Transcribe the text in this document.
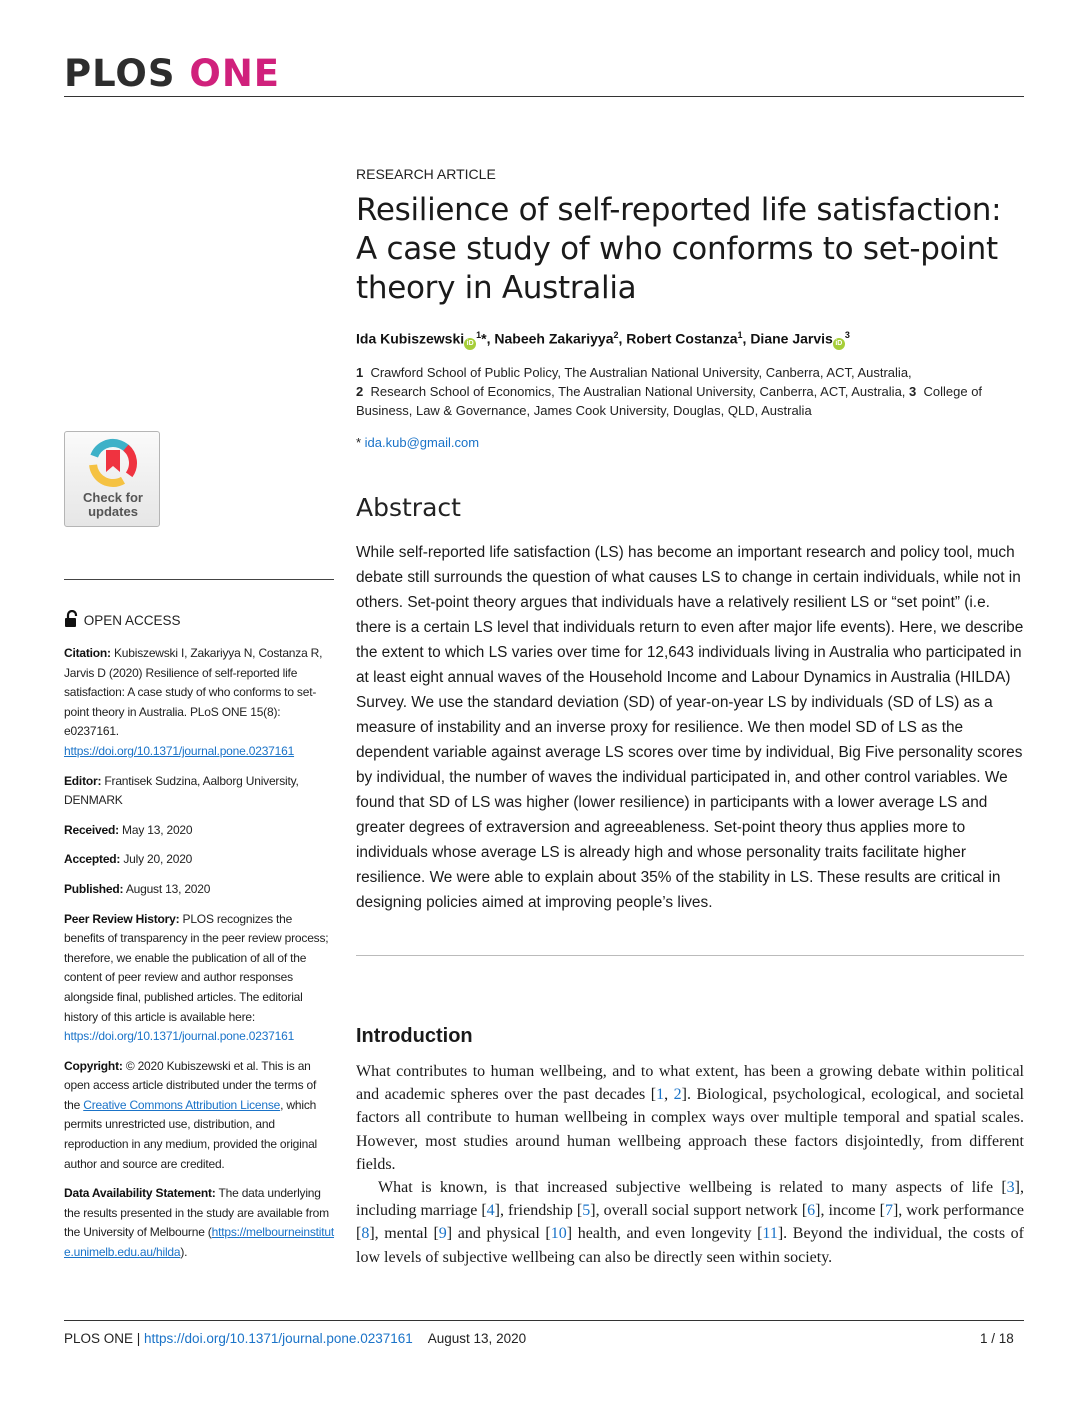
PLOS ONE
RESEARCH ARTICLE
Resilience of self-reported life satisfaction: A case study of who conforms to set-point theory in Australia
Ida Kubiszewski $iD^1*$, Nabeeh Zakariyya$^2$, Robert Costanza$^1$, Diane Jarvis $iD^3$
1 Crawford School of Public Policy, The Australian National University, Canberra, ACT, Australia,
2 Research School of Economics, The Australian National University, Canberra, ACT, Australia, 3 College of Business, Law & Governance, James Cook University, Douglas, QLD, Australia
* ida.kub@gmail.com
Abstract
While self-reported life satisfaction (LS) has become an important research and policy tool, much debate still surrounds the question of what causes LS to change in certain individuals, while not in others. Set-point theory argues that individuals have a relatively resilient LS or “set point” (i.e. there is a certain LS level that individuals return to even after major life events). Here, we describe the extent to which LS varies over time for 12,643 individuals living in Australia who participated in at least eight annual waves of the Household Income and Labour Dynamics in Australia (HILDA) Survey. We use the standard deviation (SD) of year-on-year LS by individuals (SD of LS) as a measure of instability and an inverse proxy for resilience. We then model SD of LS as the dependent variable against average LS scores over time by individual, Big Five personality scores by individual, the number of waves the individual participated in, and other control variables. We found that SD of LS was higher (lower resilience) in participants with a lower average LS and greater degrees of extraversion and agreeableness. Set-point theory thus applies more to individuals whose average LS is already high and whose personality traits facilitate higher resilience. We were able to explain about 35% of the stability in LS. These results are critical in designing policies aimed at improving people’s lives.
Introduction

What contributes to human wellbeing, and to what extent, has been a growing debate within political and academic spheres over the past decades [1, 2]. Biological, psychological, ecological, and societal factors all contribute to human wellbeing in complex ways over multiple temporal and spatial scales. However, most studies around human wellbeing approach these factors disjointedly, from different fields.

What is known, is that increased subjective wellbeing is related to many aspects of life [3], including marriage [4], friendship [5], overall social support network [6], income [7], work performance [8], mental [9] and physical [10] health, and even longevity [11]. Beyond the individual, the costs of low levels of subjective wellbeing can also be directly seen within society.

Check for
updates
OPEN ACCESS

Citation: Kubiszewski I, Zakariyya N, Costanza R, Jarvis D (2020) Resilience of self-reported life satisfaction: A case study of who conforms to set-point theory in Australia. PLoS ONE 15(8): e0237161. https://doi.org/10.1371/journal.pone.0237161

Editor: Frantisek Sudzina, Aalborg University, DENMARK

Received: May 13, 2020

Accepted: July 20, 2020

Published: August 13, 2020

Peer Review History: PLOS recognizes the benefits of transparency in the peer review process; therefore, we enable the publication of all of the content of peer review and author responses alongside final, published articles. The editorial history of this article is available here: https://doi.org/10.1371/journal.pone.0237161

Copyright: © 2020 Kubiszewski et al. This is an open access article distributed under the terms of the Creative Commons Attribution License, which permits unrestricted use, distribution, and reproduction in any medium, provided the original author and source are credited.

Data Availability Statement: The data underlying the results presented in the study are available from the University of Melbourne (https://melbourneinstitute.unimelb.edu.au/hilda).

PLOS ONE | https://doi.org/10.1371/journal.pone.0237161 August 13, 2020	1 / 18
